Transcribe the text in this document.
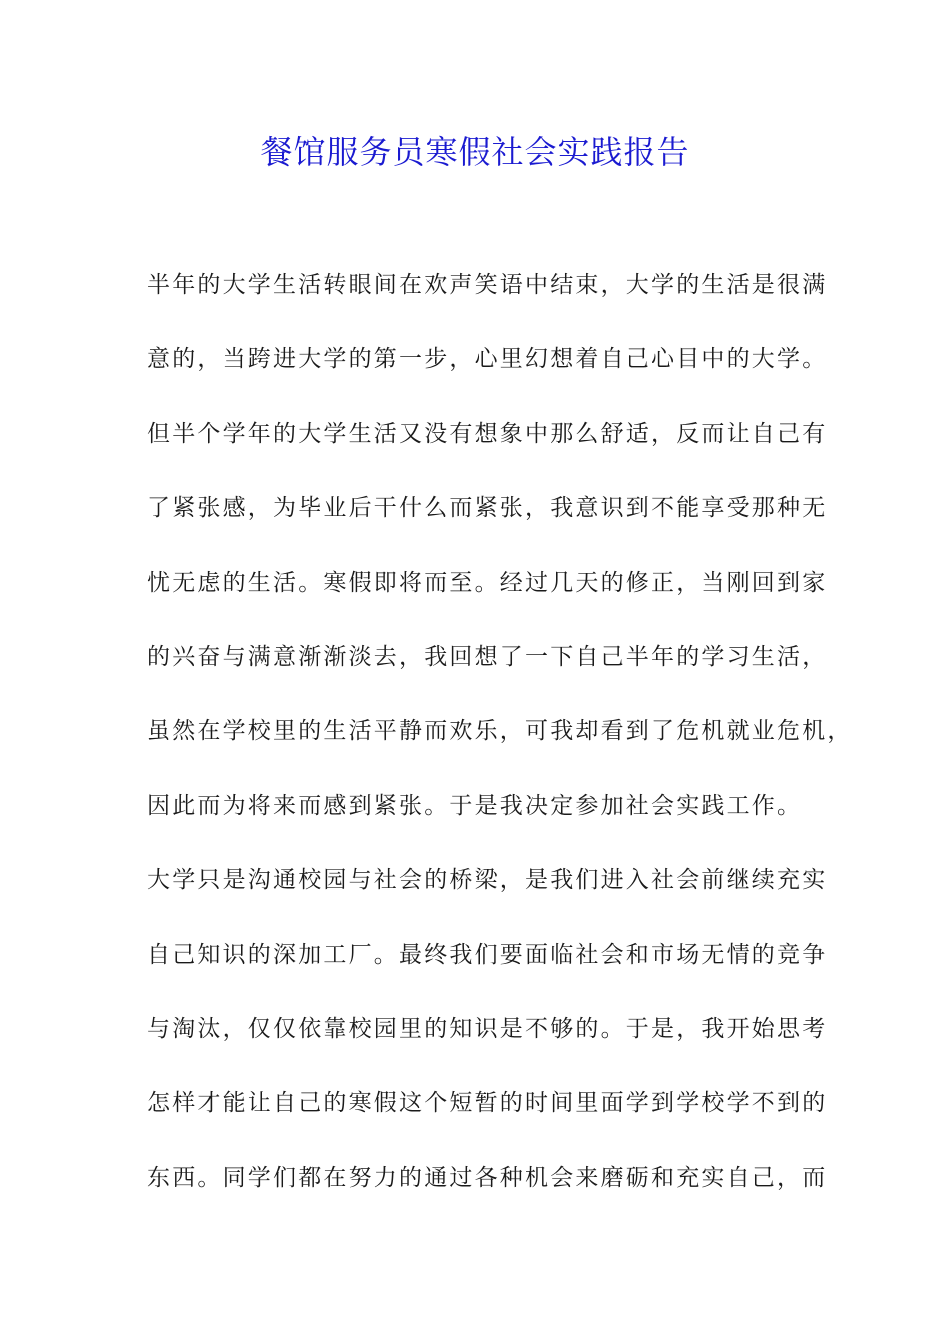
餐馆服务员寒假社会实践报告
半年的大学生活转眼间在欢声笑语中结束，大学的生活是很满
意的，当跨进大学的第一步，心里幻想着自己心目中的大学。
但半个学年的大学生活又没有想象中那么舒适，反而让自己有
了紧张感，为毕业后干什么而紧张，我意识到不能享受那种无
忧无虑的生活。寒假即将而至。经过几天的修正，当刚回到家
的兴奋与满意渐渐淡去，我回想了一下自己半年的学习生活，
虽然在学校里的生活平静而欢乐，可我却看到了危机就业危机，
因此而为将来而感到紧张。于是我决定参加社会实践工作。
大学只是沟通校园与社会的桥梁，是我们进入社会前继续充实
自己知识的深加工厂。最终我们要面临社会和市场无情的竞争
与淘汰，仅仅依靠校园里的知识是不够的。于是，我开始思考
怎样才能让自己的寒假这个短暂的时间里面学到学校学不到的
东西。同学们都在努力的通过各种机会来磨砺和充实自己，而
